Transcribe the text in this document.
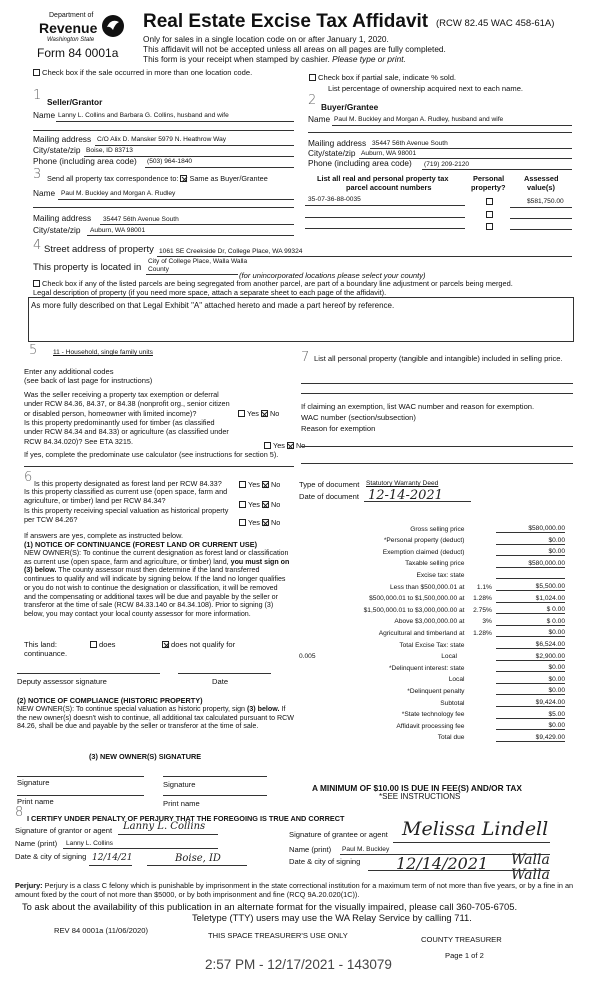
Department of
Revenue
Washington State
Form 84 0001a
Real Estate Excise Tax Affidavit (RCW 82.45 WAC 458-61A)
Only for sales in a single location code on or after January 1, 2020.
This affidavit will not be accepted unless all areas on all pages are fully completed.
This form is your receipt when stamped by cashier. Please type or print.
Check box if the sale occurred in more than one location code.
Check box if partial sale, indicate % sold.
List percentage of ownership acquired next to each name.
1 Seller/Grantor
Name Lanny L. Collins and Barbara G. Collins, husband and wife
Mailing address C/O Alix D. Mansker 5979 N. Heathrow Way
City/state/zip Boise, ID 83713
Phone (including area code) (503) 964-1840
2 Buyer/Grantee
Name Paul M. Buckley and Morgan A. Rudley, husband and wife
Mailing address 35447 56th Avenue South
City/state/zip Auburn, WA 98001
Phone (including area code) (719) 209-2120
3 Send all property tax correspondence to: Same as Buyer/Grantee
Name Paul M. Buckley and Morgan A. Rudley
Mailing address 35447 56th Avenue South
City/state/zip Auburn, WA 98001
List all real and personal property tax
parcel account numbers
Personal
property?
Assessed
value(s)
35-07-36-88-0035	$581,750.00
4 Street address of property 1061 SE Creekside Dr, College Place, WA 99324
This property is located in
City of College Place, Walla Walla
County
(for unincorporated locations please select your county)
Check box if any of the listed parcels are being segregated from another parcel, are part of a boundary line adjustment or parcels being merged.
Legal description of property (if you need more space, attach a separate sheet to each page of the affidavit).
As more fully described on that Legal Exhibit "A" attached hereto and made a part hereof by reference.
5 11 - Household, single family units
Enter any additional codes
(see back of last page for instructions)
Was the seller receiving a property tax exemption or deferral under RCW 84.36, 84.37, or 84.38 (nonprofit org., senior citizen or disabled person, homeowner with limited income)?	Yes No
Is this property predominantly used for timber (as classified under RCW 84.34 and 84.33) or agriculture (as classified under RCW 84.34.020)? See ETA 3215.	Yes No
If yes, complete the predominate use calculator (see instructions for section 5).
7 List all personal property (tangible and intangible) included in selling price.
If claiming an exemption, list WAC number and reason for exemption.
WAC number (section/subsection)
Reason for exemption
6 Is this property designated as forest land per RCW 84.33?	Yes No
Is this property classified as current use (open space, farm and agriculture, or timber) land per RCW 84.34?	Yes No
Is this property receiving special valuation as historical property per TCW 84.26?	Yes No
If answers are yes, complete as instructed below.
(1) NOTICE OF CONTINUANCE (FOREST LAND OR CURRENT USE)
NEW OWNER(S): To continue the current designation as forest land or classification as current use (open space, farm and agriculture, or timber) land, you must sign on (3) below. The county assessor must then determine if the land transferred continues to qualify and will indicate by signing below. If the land no longer qualifies or you do not wish to continue the designation or classification, it will be removed and the compensating or additional taxes will be due and payable by the seller or transferor at the time of sale (RCW 84.33.140 or 84.34.108). Prior to signing (3) below, you may contact your local county assessor for more information.
This land:
continuance.
does	does not qualify for
Deputy assessor signature	Date
(2) NOTICE OF COMPLIANCE (HISTORIC PROPERTY)
NEW OWNER(S): To continue special valuation as historic property, sign (3) below. If the new owner(s) doesn't wish to continue, all additional tax calculated pursuant to RCW 84.26, shall be due and payable by the seller or transferor at the time of sale.
(3) NEW OWNER(S) SIGNATURE
Signature	Signature
Print name	Print name
Type of document Statutory Warranty Deed
Date of document 12-14-2021
Gross selling price		$580,000.00
*Personal property (deduct)		$0.00
Exemption claimed (deduct)		$0.00
Taxable selling price		$580,000.00
Excise tax: state		
Less than $500,000.01 at	1.1%	$5,500.00
$500,000.01 to $1,500,000.00 at	1.28%	$1,024.00
$1,500,000.01 to $3,000,000.00 at	2.75%	$ 0.00
Above $3,000,000.00 at	3%	$ 0.00
Agricultural and timberland at	1.28%	$0.00
Total Excise Tax: state		$6,524.00
0.005 Local		$2,900.00
*Delinquent interest: state		$0.00
Local		$0.00
*Delinquent penalty		$0.00
Subtotal		$9,424.00
*State technology fee		$5.00
Affidavit processing fee		$0.00
Total due		$9,429.00
A MINIMUM OF $10.00 IS DUE IN FEE(S) AND/OR TAX
*SEE INSTRUCTIONS
8 I CERTIFY UNDER PENALTY OF PERJURY THAT THE FOREGOING IS TRUE AND CORRECT
Signature of grantor or agent Lanny L. Collins
Name (print) Lanny L. Collins
Date & city of signing 12/14/21	Boise, ID
Signature of grantee or agent Melissa Lindell
Name (print) Paul M. Buckley
Date & city of signing 12/14/2021 Walla Walla
Perjury: Perjury is a class C felony which is punishable by imprisonment in the state correctional institution for a maximum term of not more than five years, or by a fine in an amount fixed by the court of not more than $5000, or by both imprisonment and fine (RCQ 9A.20.020(1C)).
To ask about the availability of this publication in an alternate format for the visually impaired, please call 360-705-6705.
Teletype (TTY) users may use the WA Relay Service by calling 711.
REV 84 0001a (11/06/2020)
THIS SPACE TREASURER'S USE ONLY	COUNTY TREASURER
Page 1 of 2
2:57 PM - 12/17/2021 - 143079
